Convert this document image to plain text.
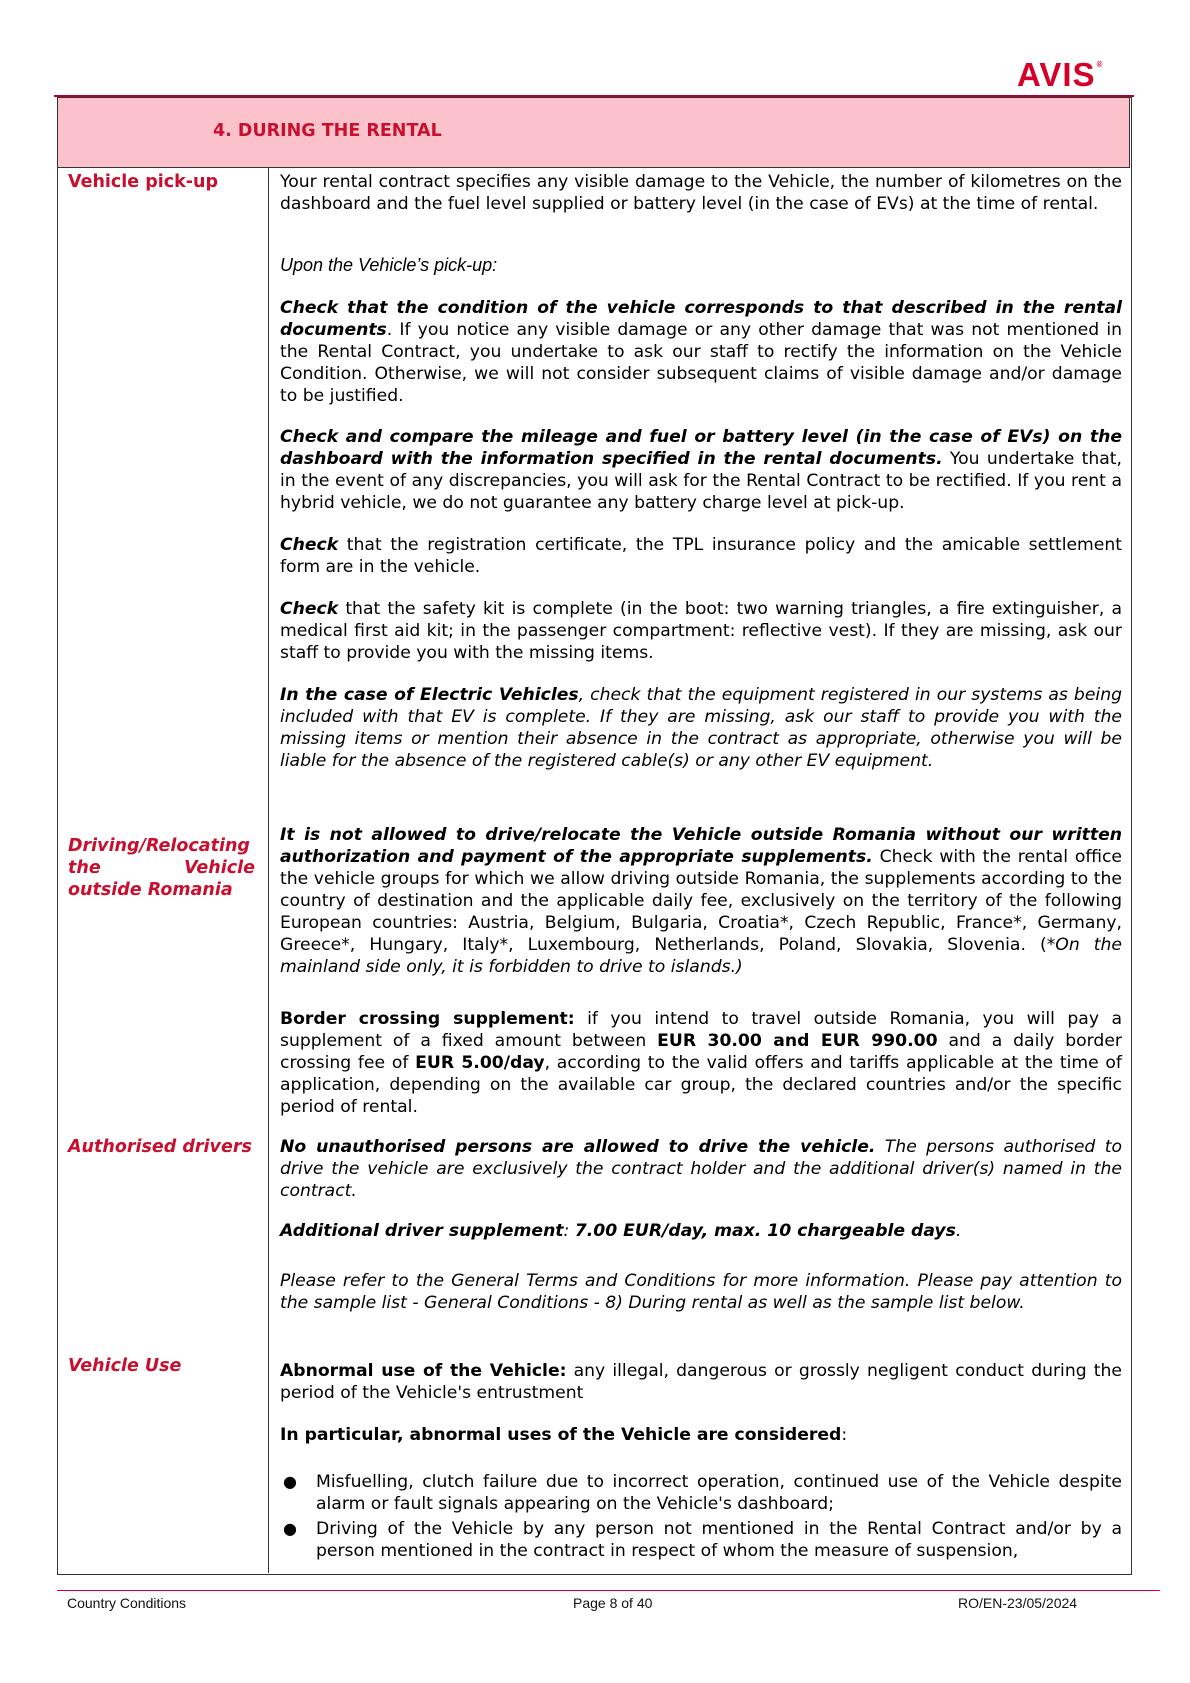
AVIS®
4. DURING THE RENTAL
Vehicle pick-up
Driving/Relocating the Vehicle outside Romania
Authorised drivers
Vehicle Use
Your rental contract specifies any visible damage to the Vehicle, the number of kilometres on the dashboard and the fuel level supplied or battery level (in the case of EVs) at the time of rental.
Upon the Vehicle’s pick-up:
Check that the condition of the vehicle corresponds to that described in the rental documents. If you notice any visible damage or any other damage that was not mentioned in the Rental Contract, you undertake to ask our staff to rectify the information on the Vehicle Condition. Otherwise, we will not consider subsequent claims of visible damage and/or damage to be justified.
Check and compare the mileage and fuel or battery level (in the case of EVs) on the dashboard with the information specified in the rental documents. You undertake that, in the event of any discrepancies, you will ask for the Rental Contract to be rectified. If you rent a hybrid vehicle, we do not guarantee any battery charge level at pick-up.
Check that the registration certificate, the TPL insurance policy and the amicable settlement form are in the vehicle.
Check that the safety kit is complete (in the boot: two warning triangles, a fire extinguisher, a medical first aid kit; in the passenger compartment: reflective vest). If they are missing, ask our staff to provide you with the missing items.
In the case of Electric Vehicles, check that the equipment registered in our systems as being included with that EV is complete. If they are missing, ask our staff to provide you with the missing items or mention their absence in the contract as appropriate, otherwise you will be liable for the absence of the registered cable(s) or any other EV equipment.
It is not allowed to drive/relocate the Vehicle outside Romania without our written authorization and payment of the appropriate supplements. Check with the rental office the vehicle groups for which we allow driving outside Romania, the supplements according to the country of destination and the applicable daily fee, exclusively on the territory of the following European countries: Austria, Belgium, Bulgaria, Croatia*, Czech Republic, France*, Germany, Greece*, Hungary, Italy*, Luxembourg, Netherlands, Poland, Slovakia, Slovenia. (*On the mainland side only, it is forbidden to drive to islands.)
Border crossing supplement: if you intend to travel outside Romania, you will pay a supplement of a fixed amount between EUR 30.00 and EUR 990.00 and a daily border crossing fee of EUR 5.00/day, according to the valid offers and tariffs applicable at the time of application, depending on the available car group, the declared countries and/or the specific period of rental.
No unauthorised persons are allowed to drive the vehicle. The persons authorised to drive the vehicle are exclusively the contract holder and the additional driver(s) named in the contract.
Additional driver supplement: 7.00 EUR/day, max. 10 chargeable days.
Please refer to the General Terms and Conditions for more information. Please pay attention to the sample list - General Conditions - 8) During rental as well as the sample list below.
Abnormal use of the Vehicle: any illegal, dangerous or grossly negligent conduct during the period of the Vehicle's entrustment
In particular, abnormal uses of the Vehicle are considered:
● Misfuelling, clutch failure due to incorrect operation, continued use of the Vehicle despite alarm or fault signals appearing on the Vehicle's dashboard;
● Driving of the Vehicle by any person not mentioned in the Rental Contract and/or by a person mentioned in the contract in respect of whom the measure of suspension,
Country Conditions	Page 8 of 40	RO/EN-23/05/2024
